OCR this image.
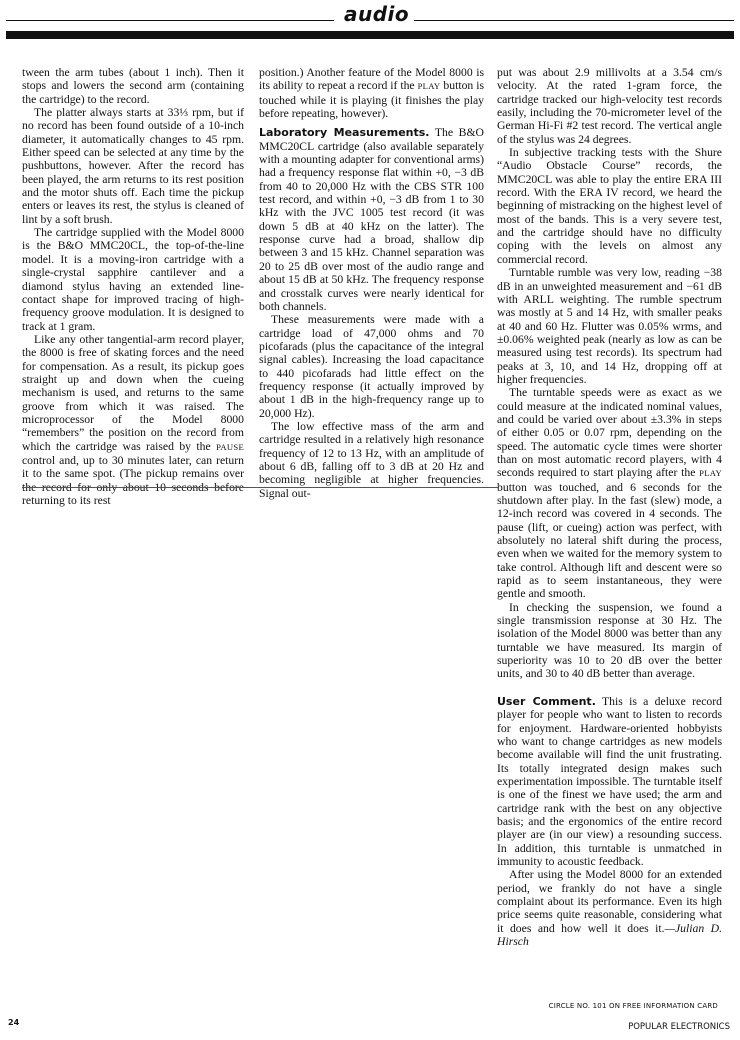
audio

tween the arm tubes (about 1 inch). Then it stops and lowers the second arm (containing the cartridge) to the record.

The platter always starts at 33⅓ rpm, but if no record has been found outside of a 10-inch diameter, it automatically changes to 45 rpm. Either speed can be selected at any time by the pushbuttons, however. After the record has been played, the arm returns to its rest position and the motor shuts off. Each time the pickup enters or leaves its rest, the stylus is cleaned of lint by a soft brush.

The cartridge supplied with the Model 8000 is the B&O MMC20CL, the top-of-the-line model. It is a moving-iron cartridge with a single-crystal sapphire cantilever and a diamond stylus having an extended line-contact shape for improved tracing of high-frequency groove modulation. It is designed to track at 1 gram.

Like any other tangential-arm record player, the 8000 is free of skating forces and the need for compensation. As a result, its pickup goes straight up and down when the cueing mechanism is used, and returns to the same groove from which it was raised. The microprocessor of the Model 8000 “remembers” the position on the record from which the cartridge was raised by the PAUSE control and, up to 30 minutes later, can return it to the same spot. (The pickup remains over the record for only about 10 seconds before returning to its rest

position.) Another feature of the Model 8000 is its ability to repeat a record if the PLAY button is touched while it is playing (it finishes the play before repeating, however).

Laboratory Measurements. The B&O MMC20CL cartridge (also available separately with a mounting adapter for conventional arms) had a frequency response flat within +0, −3 dB from 40 to 20,000 Hz with the CBS STR 100 test record, and within +0, −3 dB from 1 to 30 kHz with the JVC 1005 test record (it was down 5 dB at 40 kHz on the latter). The response curve had a broad, shallow dip between 3 and 15 kHz. Channel separation was 20 to 25 dB over most of the audio range and about 15 dB at 50 kHz. The frequency response and crosstalk curves were nearly identical for both channels.

These measurements were made with a cartridge load of 47,000 ohms and 70 picofarads (plus the capacitance of the integral signal cables). Increasing the load capacitance to 440 picofarads had little effect on the frequency response (it actually improved by about 1 dB in the high-frequency range up to 20,000 Hz).

The low effective mass of the arm and cartridge resulted in a relatively high resonance frequency of 12 to 13 Hz, with an amplitude of about 6 dB, falling off to 3 dB at 20 Hz and becoming negligible at higher frequencies. Signal out-

put was about 2.9 millivolts at a 3.54 cm/s velocity. At the rated 1-gram force, the cartridge tracked our high-velocity test records easily, including the 70-micrometer level of the German Hi-Fi #2 test record. The vertical angle of the stylus was 24 degrees.

In subjective tracking tests with the Shure “Audio Obstacle Course” records, the MMC20CL was able to play the entire ERA III record. With the ERA IV record, we heard the beginning of mistracking on the highest level of most of the bands. This is a very severe test, and the cartridge should have no difficulty coping with the levels on almost any commercial record.

Turntable rumble was very low, reading −38 dB in an unweighted measurement and −61 dB with ARLL weighting. The rumble spectrum was mostly at 5 and 14 Hz, with smaller peaks at 40 and 60 Hz. Flutter was 0.05% wrms, and ±0.06% weighted peak (nearly as low as can be measured using test records). Its spectrum had peaks at 3, 10, and 14 Hz, dropping off at higher frequencies.

The turntable speeds were as exact as we could measure at the indicated nominal values, and could be varied over about ±3.3% in steps of either 0.05 or 0.07 rpm, depending on the speed. The automatic cycle times were shorter than on most automatic record players, with 4 seconds required to start playing after the PLAY button was touched, and 6 seconds for the shutdown after play. In the fast (slew) mode, a 12-inch record was covered in 4 seconds. The pause (lift, or cueing) action was perfect, with absolutely no lateral shift during the process, even when we waited for the memory system to take control. Although lift and descent were so rapid as to seem instantaneous, they were gentle and smooth.

In checking the suspension, we found a single transmission response at 30 Hz. The isolation of the Model 8000 was better than any turntable we have measured. Its margin of superiority was 10 to 20 dB over the better units, and 30 to 40 dB better than average.

User Comment. This is a deluxe record player for people who want to listen to records for enjoyment. Hardware-oriented hobbyists who want to change cartridges as new models become available will find the unit frustrating. Its totally integrated design makes such experimentation impossible. The turntable itself is one of the finest we have used; the arm and cartridge rank with the best on any objective basis; and the ergonomics of the entire record player are (in our view) a resounding success. In addition, this turntable is unmatched in immunity to acoustic feedback.

After using the Model 8000 for an extended period, we frankly do not have a single complaint about its performance. Even its high price seems quite reasonable, considering what it does and how well it does it.—Julian D. Hirsch

CIRCLE NO. 101 ON FREE INFORMATION CARD
24	POPULAR ELECTRONICS
